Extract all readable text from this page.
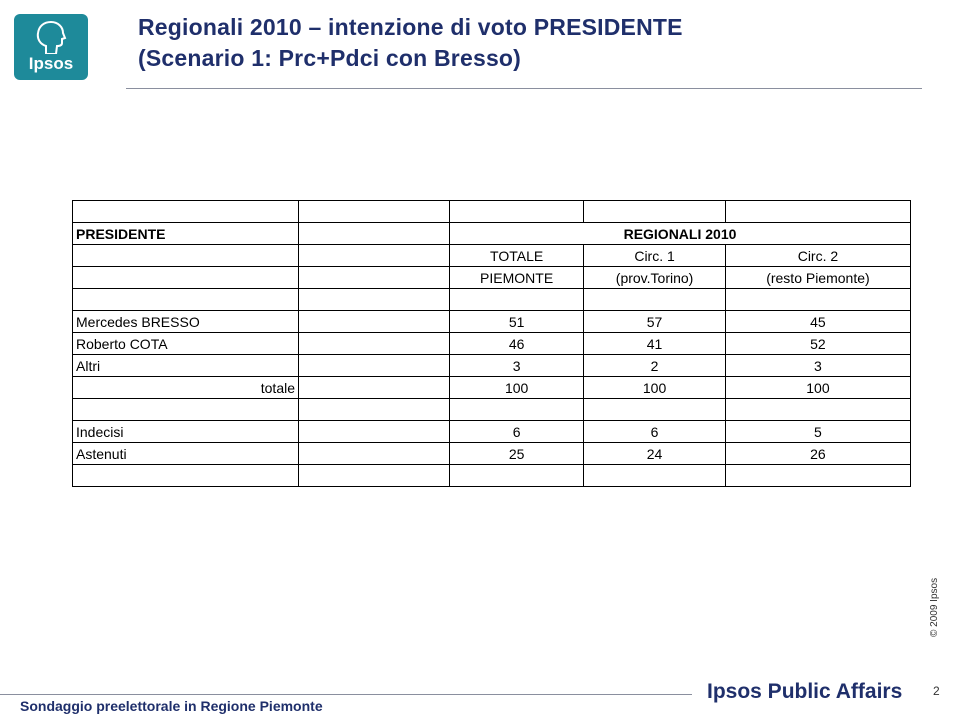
Ipsos
Regionali 2010 – intenzione di voto PRESIDENTE
(Scenario 1: Prc+Pdci con Bresso)

PRESIDENTE		REGIONALI 2010		
		TOTALE	Circ. 1	Circ. 2
		PIEMONTE	(prov.Torino)	(resto Piemonte)

Mercedes BRESSO		51	57	45
Roberto COTA		46	41	52
Altri		3	2	3
totale		100	100	100

Indecisi		6	6	5
Astenuti		25	24	26

© 2009 Ipsos
2
Ipsos Public Affairs
Sondaggio preelettorale in Regione Piemonte
